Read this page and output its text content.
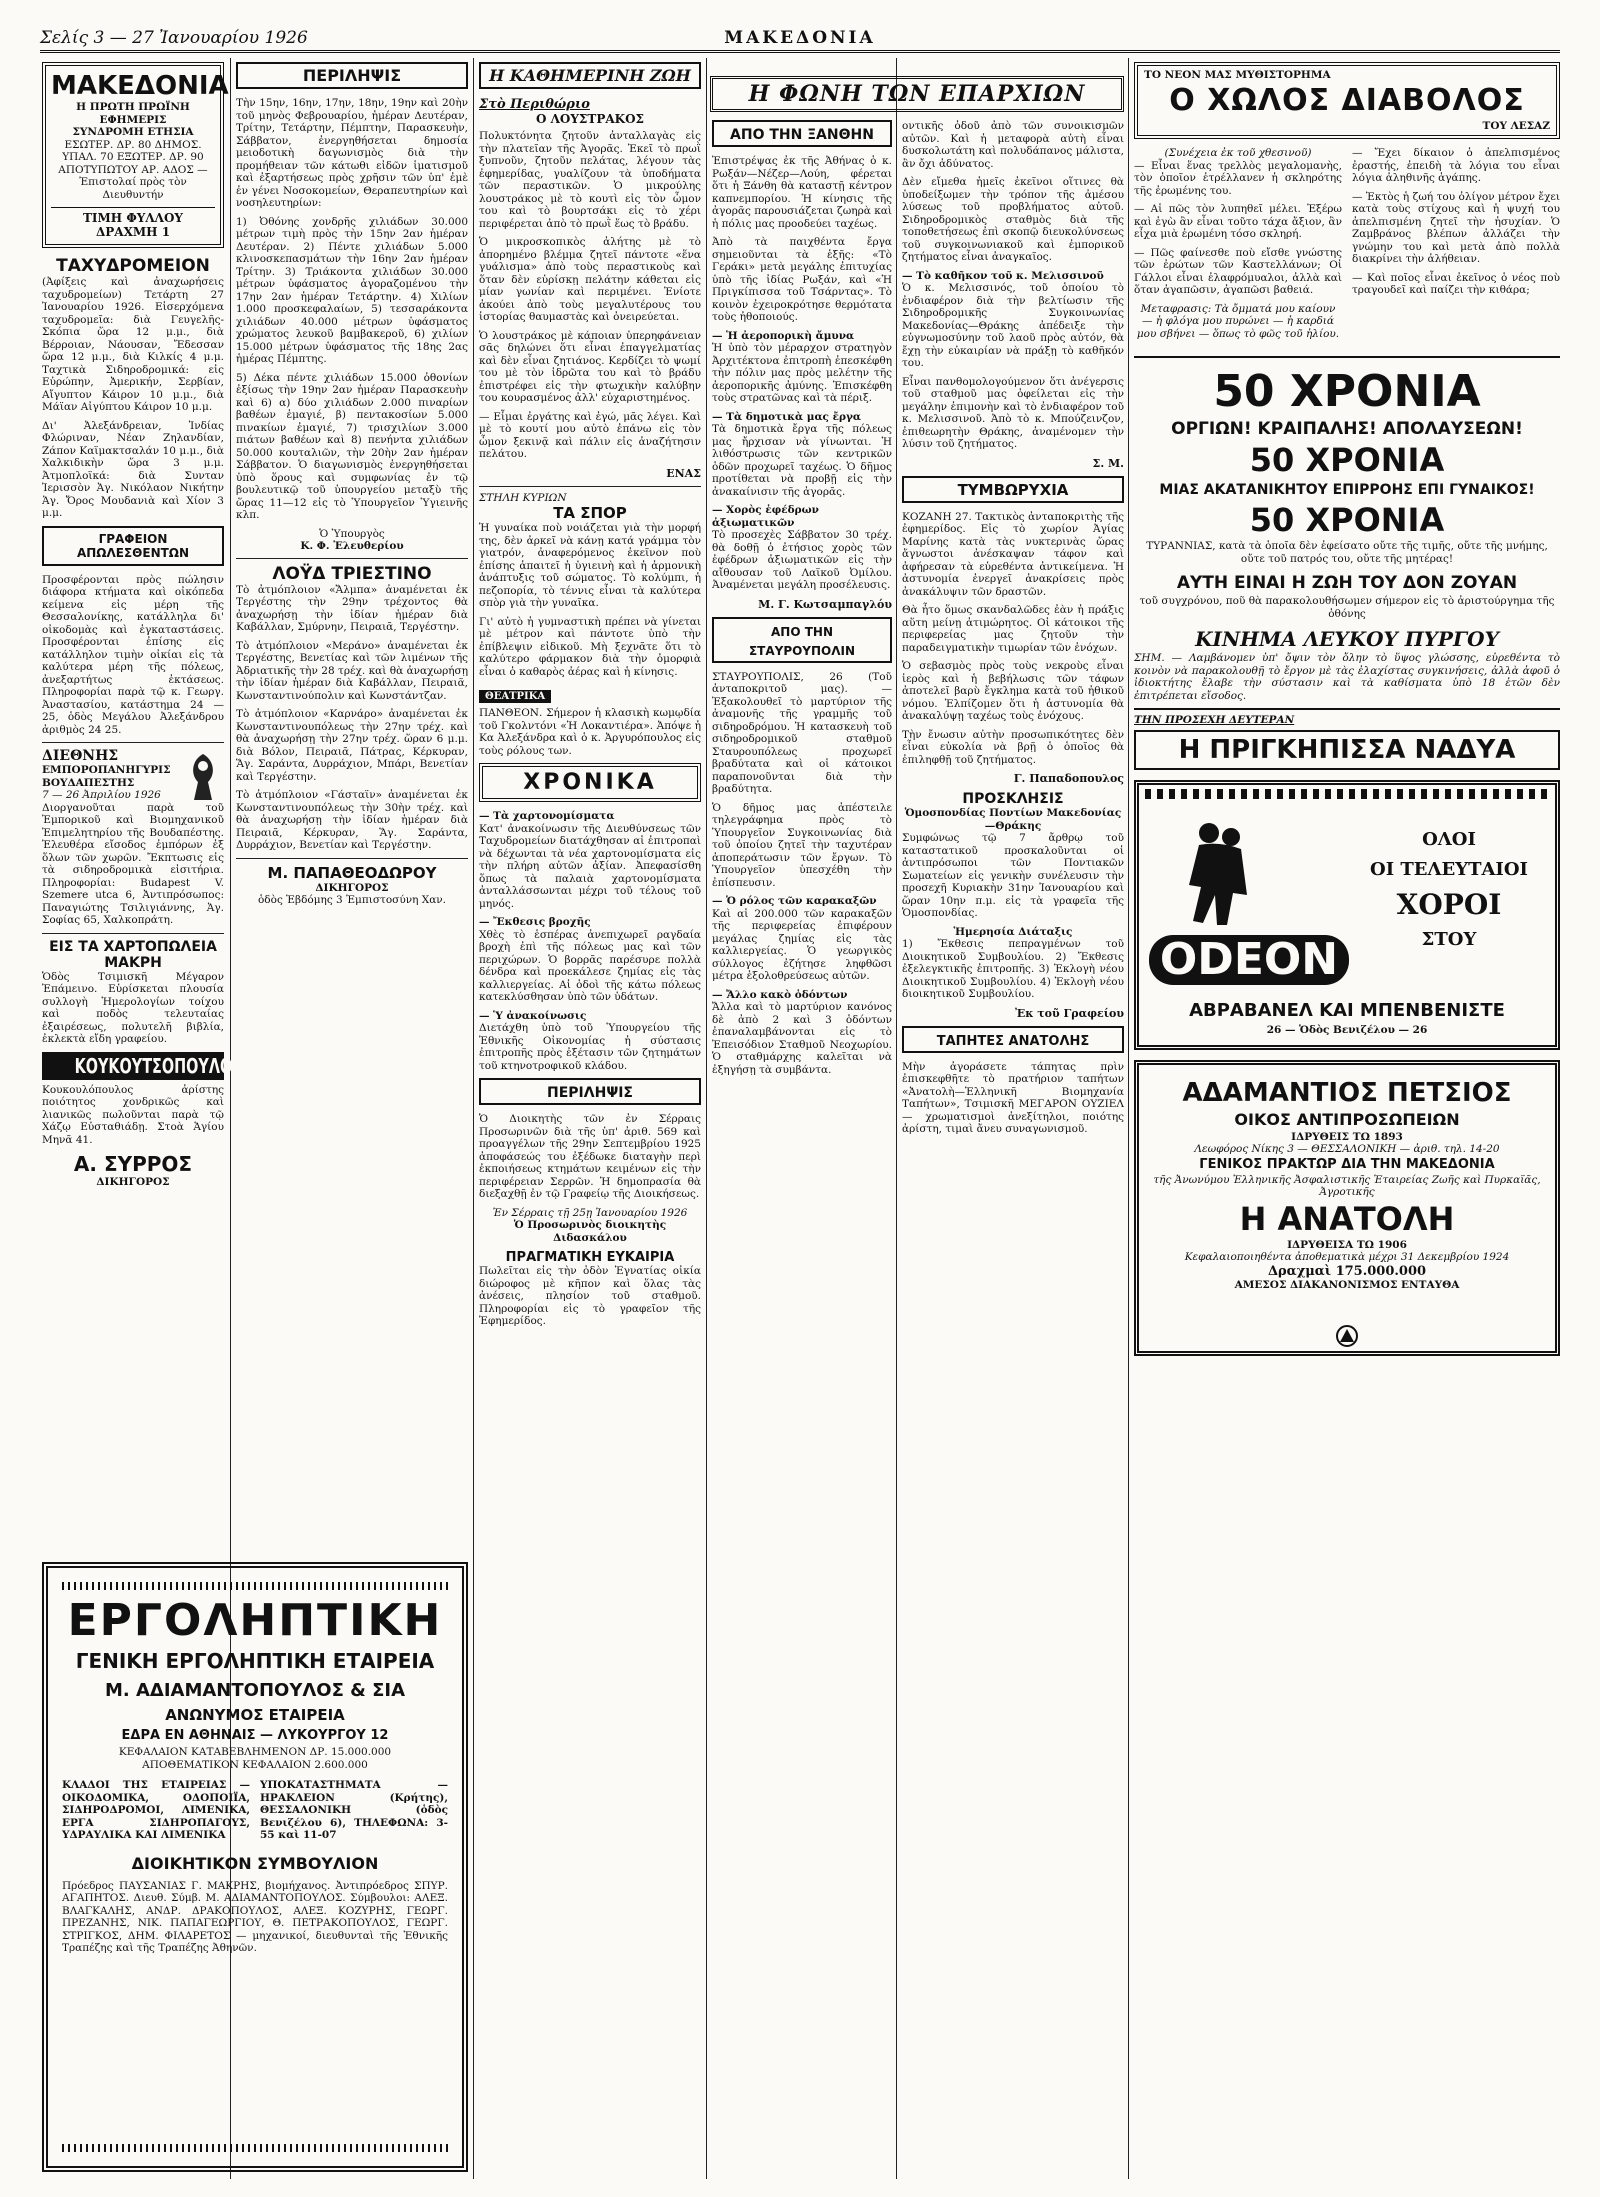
Σελίς 3 — 27 Ἰανουαρίου 1926	ΜΑΚΕΔΟΝΙΑ
ΜΑΚΕΔΟΝΙΑ
Η ΠΡΩΤΗ ΠΡΩΪΝΗ ΕΦΗΜΕΡΙΣ
ΣΥΝΔΡΟΜΗ ΕΤΗΣΙΑ
ΕΣΩΤΕΡ. ΔΡ. 80 ΔΗΜΟΣ. ΥΠΑΛ. 70 ΕΞΩΤΕΡ. ΔΡ. 90 ΑΠΟΤΥΠΩΤΟΥ ΑΡ. ΑΔΟΣ — Ἐπιστολαί πρὸς τὸν Διευθυντήν
ΤΙΜΗ ΦΥΛΛΟΥ ΔΡΑΧΜΗ 1
ΤΑΧΥΔΡΟΜΕΙΟΝ

(Ἀφίξεις καὶ ἀναχωρήσεις ταχυδρομείων) Τετάρτη 27 Ἰανουαρίου 1926. Εἰσερχόμενα ταχυδρομεῖα: διὰ Γευγελῆς-Σκόπια ὥρα 12 μ.μ., διὰ Βέρροιαν, Νάουσαν, Ἔδεσσαν ὥρα 12 μ.μ., διὰ Κιλκίς 4 μ.μ. Ταχτικὰ Σιδηροδρομικά: εἰς Εὐρώπην, Ἀμερικήν, Σερβίαν, Αἴγυπτον Κάιρον 10 μ.μ., διὰ Μάϊαν Αἰγύπτου Κάιρον 10 μ.μ.

Δι' Ἀλεξάνδρειαν, Ἰνδίας Φλώριναν, Νέαν Ζηλανδίαν, Ζάπον Καϊμακτσαλάν 10 μ.μ., διὰ Χαλκιδικὴν ὥρα 3 μ.μ. Ἀτμοπλοϊκά: διὰ Συνταν Ἰερισσὸν Ἁγ. Νικόλαον Νικήτην Ἁγ. Ὄρος Μουδανιὰ καὶ Χίον 3 μ.μ.

ΓΡΑΦΕΙΟΝ ΑΠΩΛΕΣΘΕΝΤΩΝ

Προσφέρονται πρὸς πώλησιν διάφορα κτήματα καὶ οἰκόπεδα κείμενα εἰς μέρη τῆς Θεσσαλονίκης, κατάλληλα δι' οἰκοδομὰς καὶ ἐγκαταστάσεις. Προσφέρονται ἐπίσης εἰς κατάλληλον τιμὴν οἰκίαι εἰς τὰ καλύτερα μέρη τῆς πόλεως, ἀνεξαρτήτως ἐκτάσεως. Πληροφορίαι παρὰ τῷ κ. Γεωργ. Ἀναστασίου, κατάστημα 24 — 25, ὁδὸς Μεγάλου Ἀλεξάνδρου ἀριθμὸς 24 25.

ΔΙΕΘΝΗΣ
ΕΜΠΟΡΟΠΑΝΗΓΥΡΙΣ ΒΟΥΔΑΠΕΣΤΗΣ
7 — 26 Ἀπριλίου 1926

Διοργανοῦται παρὰ τοῦ Ἐμπορικοῦ καὶ Βιομηχανικοῦ Ἐπιμελητηρίου τῆς Βουδαπέστης. Ἐλευθέρα εἴσοδος ἐμπόρων ἐξ ὅλων τῶν χωρῶν. Ἔκπτωσις εἰς τὰ σιδηροδρομικὰ εἰσιτήρια. Πληροφορίαι: Budapest V. Szemere utca 6, Ἀντιπρόσωπος: Παναγιώτης Τσιλιγιάννης, Ἁγ. Σοφίας 65, Χαλκοπράτη.

ΕΙΣ ΤΑ ΧΑΡΤΟΠΩΛΕΙΑ ΜΑΚΡΗ

Ὁδὸς Τσιμισκῆ Μέγαρον Ἐπάμεινο. Εὑρίσκεται πλουσία συλλογὴ Ἡμερολογίων τοίχου καὶ ποδὸς τελευταίας ἐξαιρέσεως, πολυτελῆ βιβλία, ἐκλεκτὰ εἴδη γραφείου.

ΚΟΥΚΟΥΤΣΟΠΟΥΛΟΣ

Κουκουλόπουλος ἀρίστης ποιότητος χονδρικῶς καὶ λιανικῶς πωλοῦνται παρὰ τῷ Χάζῳ Εὐσταθιάδῃ. Στοὰ Ἁγίου Μηνᾶ 41.

Α. ΣΥΡΡΟΣ
ΔΙΚΗΓΟΡΟΣ
ΠΕΡΙΛΗΨΙΣ

Τὴν 15ην, 16ην, 17ην, 18ην, 19ην καὶ 20ὴν τοῦ μηνὸς Φεβρουαρίου, ἡμέραν Δευτέραν, Τρίτην, Τετάρτην, Πέμπτην, Παρασκευὴν, Σάββατον, ἐνεργηθήσεται δημοσία μειοδοτικὴ δαγωνισμὸς διὰ τὴν προμήθειαν τῶν κάτωθι εἰδῶν ἱματισμοῦ καὶ ἐξαρτήσεως πρὸς χρῆσιν τῶν ὑπ' ἐμὲ ἐν γένει Νοσοκομείων, Θεραπευτηρίων καὶ νοσηλευτηρίων:

1) Ὀθόνης χονδρῆς χιλιάδων 30.000 μέτρων τιμὴ πρὸς τὴν 15ην 2αν ἡμέραν Δευτέραν. 2) Πέντε χιλιάδων 5.000 κλινοσκεπασμάτων τὴν 16ην 2αν ἡμέραν Τρίτην. 3) Τριάκοντα χιλιάδων 30.000 μέτρων ὑφάσματος ἀγοραζομένου τὴν 17ην 2αν ἡμέραν Τετάρτην. 4) Χιλίων 1.000 προσκεφαλαίων, 5) τεσσαράκοντα χιλιάδων 40.000 μέτρων ὑφάσματος χρώματος λευκοῦ βαμβακεροῦ, 6) χιλίων 15.000 μέτρων ὑφάσματος τῆς 18ης 2ας ἡμέρας Πέμπτης.

5) Δέκα πέντε χιλιάδων 15.000 ὀθονίων ἐξίσως τὴν 19ην 2αν ἡμέραν Παρασκευὴν καὶ 6) α) δύο χιλιάδων 2.000 πιναρίων βαθέων ἐμαγιέ, β) πεντακοσίων 5.000 πινακίων ἐμαγιέ, 7) τρισχιλίων 3.000 πιάτων βαθέων καὶ 8) πενήντα χιλιάδων 50.000 κουταλιῶν, τὴν 20ὴν 2αν ἡμέραν Σάββατον. Ὁ διαγωνισμὸς ἐνεργηθήσεται ὑπὸ ὅρους καὶ συμφωνίας ἐν τῷ βουλευτικῷ τοῦ ὑπουργείου μεταξὺ τῆς ὥρας 11—12 εἰς τὸ Ὑπουργεῖον Ὑγιεινῆς κλπ.

Ὁ Ὑπουργὸς
Κ. Φ. Ἐλευθερίου
ΛΟΫΔ ΤΡΙΕΣΤΙΝΟ

Τὸ ἀτμόπλοιον «Ἄλμπα» ἀναμένεται ἐκ Τεργέστης τὴν 29ην τρέχοντος θὰ ἀναχωρήσῃ τὴν ἰδίαν ἡμέραν διὰ Καβάλλαν, Σμύρνην, Πειραιᾶ, Τεργέστην.

Τὸ ἀτμόπλοιον «Μεράνο» ἀναμένεται ἐκ Τεργέστης, Βενετίας καὶ τῶν λιμένων τῆς Ἀδριατικῆς τὴν 28 τρέχ. καὶ θὰ ἀναχωρήσῃ τὴν ἰδίαν ἡμέραν διὰ Καβάλλαν, Πειραιᾶ, Κωνσταντινούπολιν καὶ Κωνστάντζαν.

Τὸ ἀτμόπλοιον «Καρνάρο» ἀναμένεται ἐκ Κωνσταντινουπόλεως τὴν 27ην τρέχ. καὶ θὰ ἀναχωρήσῃ τὴν 27ην τρέχ. ὥραν 6 μ.μ. διὰ Βόλον, Πειραιᾶ, Πάτρας, Κέρκυραν, Ἅγ. Σαράντα, Δυρράχιον, Μπάρι, Βενετίαν καὶ Τεργέστην.

Τὸ ἀτμόπλοιον «Γάσταϊν» ἀναμένεται ἐκ Κωνσταντινουπόλεως τὴν 30ὴν τρέχ. καὶ θὰ ἀναχωρήσῃ τὴν ἰδίαν ἡμέραν διὰ Πειραιᾶ, Κέρκυραν, Ἅγ. Σαράντα, Δυρράχιον, Βενετίαν καὶ Τεργέστην.

Μ. ΠΑΠΑΘΕΟΔΩΡΟΥ
ΔΙΚΗΓΟΡΟΣ
ὁδὸς Ἑβδόμης 3 Ἐμπιστοσύνη Χαν.
ΕΡΓΟΛΗΠΤΙΚΗ
ΓΕΝΙΚΗ ΕΡΓΟΛΗΠΤΙΚΗ ΕΤΑΙΡΕΙΑ
Μ. ΑΔΙΑΜΑΝΤΟΠΟΥΛΟΣ & ΣΙΑ
ΑΝΩΝΥΜΟΣ ΕΤΑΙΡΕΙΑ
ΕΔΡΑ ΕΝ ΑΘΗΝΑΙΣ — ΛΥΚΟΥΡΓΟΥ 12
ΚΕΦΑΛΑΙΟΝ ΚΑΤΑΒΕΒΛΗΜΕΝΟΝ ΔΡ. 15.000.000
ΑΠΟΘΕΜΑΤΙΚΟΝ ΚΕΦΑΛΑΙΟΝ 2.600.000

ΚΛΑΔΟΙ ΤΗΣ ΕΤΑΙΡΕΙΑΣ — ΟΙΚΟΔΟΜΙΚΑ, ΟΔΟΠΟΙΪΑ, ΣΙΔΗΡΟΔΡΟΜΟΙ, ΛΙΜΕΝΙΚΑ, ΕΡΓΑ ΣΙΔΗΡΟΠΑΓΟΥΣ, ΥΔΡΑΥΛΙΚΑ ΚΑΙ ΛΙΜΕΝΙΚΑ

ΥΠΟΚΑΤΑΣΤΗΜΑΤΑ — ΗΡΑΚΛΕΙΟΝ (Κρήτης), ΘΕΣΣΑΛΟΝΙΚΗ (ὁδὸς Βενιζέλου 6), ΤΗΛΕΦΩΝΑ: 3-55 καὶ 11-07

ΔΙΟΙΚΗΤΙΚΟΝ ΣΥΜΒΟΥΛΙΟΝ

Πρόεδρος ΠΑΥΣΑΝΙΑΣ Γ. ΜΑΚΡΗΣ, βιομήχανος. Ἀντιπρόεδρος ΣΠΥΡ. ΑΓΑΠΗΤΟΣ. Διευθ. Σύμβ. Μ. ΑΔΙΑΜΑΝΤΟΠΟΥΛΟΣ. Σύμβουλοι: ΑΛΕΞ. ΒΛΑΓΚΑΛΗΣ, ΑΝΔΡ. ΔΡΑΚΟΠΟΥΛΟΣ, ΑΛΕΞ. ΚΟΖΥΡΗΣ, ΓΕΩΡΓ. ΠΡΕΖΑΝΗΣ, ΝΙΚ. ΠΑΠΑΓΕΩΡΓΙΟΥ, Θ. ΠΕΤΡΑΚΟΠΟΥΛΟΣ, ΓΕΩΡΓ. ΣΤΡΙΓΚΟΣ, ΔΗΜ. ΦΙΛΑΡΕΤΟΣ — μηχανικοί, διευθυνταὶ τῆς Ἐθνικῆς Τραπέζης καὶ τῆς Τραπέζης Ἀθηνῶν.

Η ΚΑΘΗΜΕΡΙΝΗ ΖΩΗ
Στὸ Περιθώριο
Ο ΛΟΥΣΤΡΑΚΟΣ

Πολυκτόνητα ζητοῦν ἀνταλλαγὰς εἰς τὴν πλατεῖαν τῆς Ἀγορᾶς. Ἐκεῖ τὸ πρωῒ ξυπνοῦν, ζητοῦν πελάτας, λέγουν τὰς ἐφημερίδας, γυαλίζουν τὰ ὑποδήματα τῶν περαστικῶν. Ὁ μικρούλης λουστράκος μὲ τὸ κουτὶ εἰς τὸν ὦμον του καὶ τὸ βουρτσάκι εἰς τὸ χέρι περιφέρεται ἀπὸ τὸ πρωῒ ἕως τὸ βράδυ.

Ὁ μικροσκοπικὸς ἀλήτης μὲ τὸ ἀπορημένο βλέμμα ζητεῖ πάντοτε «ἕνα γυάλισμα» ἀπὸ τοὺς περαστικοὺς καὶ ὅταν δὲν εὑρίσκῃ πελάτην κάθεται εἰς μίαν γωνίαν καὶ περιμένει. Ἐνίοτε ἀκούει ἀπὸ τοὺς μεγαλυτέρους του ἱστορίας θαυμαστὰς καὶ ὀνειρεύεται.

Ὁ λουστράκος μὲ κάποιαν ὑπερηφάνειαν σᾶς δηλώνει ὅτι εἶναι ἐπαγγελματίας καὶ δὲν εἶναι ζητιάνος. Κερδίζει τὸ ψωμί του μὲ τὸν ἱδρῶτα του καὶ τὸ βράδυ ἐπιστρέφει εἰς τὴν φτωχικὴν καλύβην του κουρασμένος ἀλλ' εὐχαριστημένος.

— Εἶμαι ἐργάτης καὶ ἐγώ, μᾶς λέγει. Καὶ μὲ τὸ κουτί μου αὐτὸ ἐπάνω εἰς τὸν ὦμον ξεκινᾷ καὶ πάλιν εἰς ἀναζήτησιν πελάτου.

ΕΝΑΣ
ΣΤΗΛΗ ΚΥΡΙΩΝ
ΤΑ ΣΠΟΡ

Ἡ γυναίκα ποὺ νοιάζεται γιὰ τὴν μορφή της, δὲν ἀρκεῖ νὰ κάνῃ κατά γράμμα τὸν γιατρόν, ἀναφερόμενος ἐκεῖνον ποὺ ἐπίσης ἀπαιτεῖ ἡ ὑγιεινὴ καὶ ἡ ἀρμονικὴ ἀνάπτυξις τοῦ σώματος. Τὸ κολύμπι, ἡ πεζοπορία, τὸ τέννις εἶναι τὰ καλύτερα σπὸρ γιὰ τὴν γυναῖκα.

Γι' αὐτὸ ἡ γυμναστικὴ πρέπει νὰ γίνεται μὲ μέτρον καὶ πάντοτε ὑπὸ τὴν ἐπίβλεψιν εἰδικοῦ. Μὴ ξεχνᾶτε ὅτι τὸ καλύτερο φάρμακον διὰ τὴν ὀμορφιὰ εἶναι ὁ καθαρὸς ἀέρας καὶ ἡ κίνησις.

ΘΕΑΤΡΙΚΑ

ΠΑΝΘΕΟΝ. Σήμερον ἡ κλασικὴ κωμῳδία τοῦ Γκολντόνι «Ἡ Λοκαντιέρα». Ἀπόψε ἡ Κα Ἀλεξάνδρα καὶ ὁ κ. Ἀργυρόπουλος εἰς τοὺς ρόλους των.

ΧΡΟΝΙΚΑ
— Τὰ χαρτονομίσματα

Κατ' ἀνακοίνωσιν τῆς Διευθύνσεως τῶν Ταχυδρομείων διατάχθησαν αἱ ἐπιτροπαὶ νὰ δέχωνται τὰ νέα χαρτονομίσματα εἰς τὴν πλήρη αὐτῶν ἀξίαν. Ἀπεφασίσθη ὅπως τὰ παλαιὰ χαρτονομίσματα ἀνταλλάσσωνται μέχρι τοῦ τέλους τοῦ μηνός.

— Ἔκθεσις βροχῆς

Χθὲς τὸ ἑσπέρας ἀνεπιχωρεῖ ραγδαία βροχὴ ἐπὶ τῆς πόλεως μας καὶ τῶν περιχώρων. Ὁ βορρᾶς παρέσυρε πολλὰ δένδρα καὶ προεκάλεσε ζημίας εἰς τὰς καλλιεργείας. Αἱ ὁδοὶ τῆς κάτω πόλεως κατεκλύσθησαν ὑπὸ τῶν ὑδάτων.

— Ὑ ἀνακοίνωσις

Διετάχθη ὑπὸ τοῦ Ὑπουργείου τῆς Ἐθνικῆς Οἰκονομίας ἡ σύστασις ἐπιτροπῆς πρὸς ἐξέτασιν τῶν ζητημάτων τοῦ κτηνοτροφικοῦ κλάδου.

ΠΕΡΙΛΗΨΙΣ

Ὁ Διοικητὴς τῶν ἐν Σέρραις Προσωρινῶν διὰ τῆς ὑπ' ἀριθ. 569 καὶ προαγγέλων τῆς 29ην Σεπτεμβρίου 1925 ἀποφάσεώς του ἐξέδωκε διαταγὴν περὶ ἐκποιήσεως κτημάτων κειμένων εἰς τὴν περιφέρειαν Σερρῶν. Ἡ δημοπρασία θὰ διεξαχθῇ ἐν τῷ Γραφείῳ τῆς Διοικήσεως.

Ἐν Σέρραις τῇ 25ῃ Ἰανουαρίου 1926
Ὁ Προσωρινὸς διοικητὴς Διδασκάλου
ΠΡΑΓΜΑΤΙΚΗ ΕΥΚΑΙΡΙΑ

Πωλεῖται εἰς τὴν ὁδὸν Ἐγνατίας οἰκία διώροφος μὲ κῆπον καὶ ὅλας τὰς ἀνέσεις, πλησίον τοῦ σταθμοῦ. Πληροφορίαι εἰς τὸ γραφεῖον τῆς Ἐφημερίδος.

ΑΠΟ ΤΗΝ ΞΑΝΘΗΝ

Ἐπιστρέψας ἐκ τῆς Ἀθήνας ὁ κ. Ρωξάν—Νέζερ—Λούη, φέρεται ὅτι ἡ Ξάνθη θὰ καταστῇ κέντρον καπνεμπορίου. Ἡ κίνησις τῆς ἀγορᾶς παρουσιάζεται ζωηρὰ καὶ ἡ πόλις μας προοδεύει ταχέως.

Ἀπὸ τὰ παιχθέντα ἔργα σημειοῦνται τὰ ἑξῆς: «Τὸ Γεράκι» μετὰ μεγάλης ἐπιτυχίας ὑπὸ τῆς ἰδίας Ρωξάν, καὶ «Ἡ Πριγκίπισσα τοῦ Τσάρντας». Τὸ κοινὸν ἐχειροκρότησε θερμότατα τοὺς ἠθοποιούς.

— Ἡ ἀεροπορικὴ ἄμυνα

Ἡ ὑπὸ τὸν μέραρχον στρατηγὸν Ἀρχιτέκτονα ἐπιτροπὴ ἐπεσκέφθη τὴν πόλιν μας πρὸς μελέτην τῆς ἀεροπορικῆς ἀμύνης. Ἐπισκέφθη τοὺς στρατῶνας καὶ τὰ πέριξ.

— Τὰ δημοτικὰ μας ἔργα

Τὰ δημοτικὰ ἔργα τῆς πόλεως μας ἤρχισαν νὰ γίνωνται. Ἡ λιθόστρωσις τῶν κεντρικῶν ὁδῶν προχωρεῖ ταχέως. Ὁ δῆμος προτίθεται νὰ προβῇ εἰς τὴν ἀνακαίνισιν τῆς ἀγορᾶς.

— Χορὸς ἐφέδρων ἀξιωματικῶν

Τὸ προσεχὲς Σάββατον 30 τρέχ. θὰ δοθῇ ὁ ἐτήσιος χορὸς τῶν ἐφέδρων ἀξιωματικῶν εἰς τὴν αἴθουσαν τοῦ Λαϊκοῦ Ὀμίλου. Ἀναμένεται μεγάλη προσέλευσις.

Μ. Γ. Κωτσαμπαγλόυ
ΑΠΟ ΤΗΝ ΣΤΑΥΡΟΥΠΟΛΙΝ

ΣΤΑΥΡΟΥΠΟΛΙΣ, 26 (Τοῦ ἀνταποκριτοῦ μας). — Ἐξακολουθεῖ τὸ μαρτύριον τῆς ἀναμονῆς τῆς γραμμῆς τοῦ σιδηροδρόμου. Ἡ κατασκευὴ τοῦ σιδηροδρομικοῦ σταθμοῦ Σταυρουπόλεως προχωρεῖ βραδύτατα καὶ οἱ κάτοικοι παραπονοῦνται διὰ τὴν βραδύτητα.

Ὁ δῆμος μας ἀπέστειλε τηλεγράφημα πρὸς τὸ Ὑπουργεῖον Συγκοινωνίας διὰ τοῦ ὁποίου ζητεῖ τὴν ταχυτέραν ἀποπεράτωσιν τῶν ἔργων. Τὸ Ὑπουργεῖον ὑπεσχέθη τὴν ἐπίσπευσιν.

— Ὁ ρόλος τῶν καρακαξῶν

Καὶ αἱ 200.000 τῶν καρακαξῶν τῆς περιφερείας ἐπιφέρουν μεγάλας ζημίας εἰς τὰς καλλιεργείας. Ὁ γεωργικὸς σύλλογος ἐζήτησε ληφθῶσι μέτρα ἐξολοθρεύσεως αὐτῶν.

— Ἄλλο κακὸ ὁδόντων

Ἄλλα καὶ τὸ μαρτύριον κανόνος δὲ ἀπὸ 2 καὶ 3 ὁδόντων ἐπαναλαμβάνονται εἰς τὸ Ἐπεισόδιον Σταθμοῦ Νεοχωρίου. Ὁ σταθμάρχης καλεῖται νὰ ἐξηγήσῃ τὰ συμβάντα.

Η ΦΩΝΗ ΤΩΝ ΕΠΑΡΧΙΩΝ

οντικῆς ὁδοῦ ἀπὸ τῶν συνοικισμῶν αὐτῶν. Καὶ ἡ μεταφορὰ αὐτὴ εἶναι δυσκολωτάτη καὶ πολυδάπανος μάλιστα, ἂν ὄχι ἀδύνατος.

Δὲν εἴμεθα ἡμεῖς ἐκεῖνοι οἵτινες θὰ ὑποδείξωμεν τὴν τρόπον τῆς ἀμέσου λύσεως τοῦ προβλήματος αὐτοῦ. Σιδηροδρομικὸς σταθμὸς διὰ τῆς τοποθετήσεως ἐπὶ σκοπῷ διευκολύνσεως τοῦ συγκοινωνιακοῦ καὶ ἐμπορικοῦ ζητήματος εἶναι ἀναγκαῖος.

— Τὸ καθῆκον τοῦ κ. Μελισσινοῦ

Ὁ κ. Μελισσινός, τοῦ ὁποίου τὸ ἐνδιαφέρον διὰ τὴν βελτίωσιν τῆς Σιδηροδρομικῆς Συγκοινωνίας Μακεδονίας—Θράκης ἀπέδειξε τὴν εὐγνωμοσύνην τοῦ λαοῦ πρὸς αὐτόν, θὰ ἔχῃ τὴν εὐκαιρίαν νὰ πράξῃ τὸ καθῆκόν του.

Εἶναι πανθομολογούμενον ὅτι ἀνέγερσις τοῦ σταθμοῦ μας ὀφείλεται εἰς τὴν μεγάλην ἐπιμονὴν καὶ τὸ ἐνδιαφέρον τοῦ κ. Μελισσινοῦ. Ἀπὸ τὸ κ. Μπούζεινζον, ἐπιθεωρητὴν Θράκης, ἀναμένομεν τὴν λύσιν τοῦ ζητήματος.

Σ. Μ.
ΤΥΜΒΩΡΥΧΙΑ

ΚΟΖΑΝΗ 27. Τακτικὸς ἀνταποκριτὴς τῆς ἐφημερίδος. Εἰς τὸ χωρίον Ἀγίας Μαρίνης κατὰ τὰς νυκτερινὰς ὥρας ἄγνωστοι ἀνέσκαψαν τάφον καὶ ἀφήρεσαν τὰ εὑρεθέντα ἀντικείμενα. Ἡ ἀστυνομία ἐνεργεῖ ἀνακρίσεις πρὸς ἀνακάλυψιν τῶν δραστῶν.

Θὰ ἦτο ὅμως σκανδαλῶδες ἐὰν ἡ πράξις αὕτη μείνῃ ἀτιμώρητος. Οἱ κάτοικοι τῆς περιφερείας μας ζητοῦν τὴν παραδειγματικὴν τιμωρίαν τῶν ἐνόχων.

Ὁ σεβασμὸς πρὸς τοὺς νεκροὺς εἶναι ἱερὸς καὶ ἡ βεβήλωσις τῶν τάφων ἀποτελεῖ βαρὺ ἔγκλημα κατὰ τοῦ ἠθικοῦ νόμου. Ἐλπίζομεν ὅτι ἡ ἀστυνομία θὰ ἀνακαλύψῃ ταχέως τοὺς ἐνόχους.

Τὴν ἔνωσιν αὐτὴν προσωπικότητες δὲν εἶναι εὐκολία νὰ βρῇ ὁ ὁποῖος θὰ ἐπιληφθῇ τοῦ ζητήματος.

Γ. Παπαδοπουλος
ΠΡΟΣΚΛΗΣΙΣ
Ὁμοσπονδίας Ποντίων Μακεδονίας—Θράκης

Συμφώνως τῷ 7 ἄρθρῳ τοῦ καταστατικοῦ προσκαλοῦνται οἱ ἀντιπρόσωποι τῶν Ποντιακῶν Σωματείων εἰς γενικὴν συνέλευσιν τὴν προσεχῆ Κυριακὴν 31ην Ἰανουαρίου καὶ ὥραν 10ην π.μ. εἰς τὰ γραφεῖα τῆς Ὁμοσπονδίας.

Ἡμερησία Διάταξις

1) Ἔκθεσις πεπραγμένων τοῦ Διοικητικοῦ Συμβουλίου. 2) Ἔκθεσις ἐξελεγκτικῆς ἐπιτροπῆς. 3) Ἐκλογὴ νέου Διοικητικοῦ Συμβουλίου. 4) Ἐκλογὴ νέου διοικητικοῦ Συμβουλίου.

Ἐκ τοῦ Γραφείου
ΤΑΠΗΤΕΣ ΑΝΑΤΟΛΗΣ

Μὴν ἀγοράσετε τάπητας πρὶν ἐπισκεφθῆτε τὸ πρατήριον ταπήτων «Ἀνατολὴ—Ἑλληνικῆ Βιομηχανία Ταπήτων», Τσιμισκῆ ΜΕΓΑΡΟΝ ΟΥΖΙΕΛ — χρωματισμοὶ ἀνεξίτηλοι, ποιότης ἀρίστη, τιμαὶ ἄνευ συναγωνισμοῦ.

ΤΟ ΝΕΟΝ ΜΑΣ ΜΥΘΙΣΤΟΡΗΜΑ
Ο ΧΩΛΟΣ ΔΙΑΒΟΛΟΣ
ΤΟΥ ΛΕΣΑΖ
(Συνέχεια ἐκ τοῦ χθεσινοῦ)

— Εἶναι ἕνας τρελλὸς μεγαλομανὴς, τὸν ὁποῖον ἐτρέλλανεν ἡ σκληρότης τῆς ἐρωμένης του.

— Αἱ πῶς τὸν λυπηθεῖ μέλει. Ἐξέρω καὶ ἐγὼ ἂν εἶναι τοῦτο τάχα ἄξιον, ἂν εἶχα μιὰ ἐρωμένη τόσο σκληρή.

— Πῶς φαίνεσθε ποὺ εἴσθε γνώστης τῶν ἐρώτων τῶν Καστελλάνων; Οἱ Γάλλοι εἶναι ἐλαφρόμυαλοι, ἀλλὰ καὶ ὅταν ἀγαπῶσιν, ἀγαπῶσι βαθειά.

Μεταφρασις: Τὰ ὄμματά μου καίουν — ἡ φλόγα μου πυρώνει — ἡ καρδιά μου σβήνει — ὅπως τὸ φῶς τοῦ ἡλίου.

— Ἔχει δίκαιον ὁ ἀπελπισμένος ἐραστής, ἐπειδὴ τὰ λόγια του εἶναι λόγια ἀληθινῆς ἀγάπης.

— Ἐκτὸς ἡ ζωή του ὀλίγον μέτρον ἔχει κατὰ τοὺς στίχους καὶ ἡ ψυχή του ἀπελπισμένη ζητεῖ τὴν ἡσυχίαν. Ὁ Ζαμβράνος βλέπων ἀλλάζει τὴν γνώμην του καὶ μετὰ ἀπὸ πολλὰ διακρίνει τὴν ἀλήθειαν.

— Καὶ ποῖος εἶναι ἐκεῖνος ὁ νέος ποὺ τραγουδεῖ καὶ παίζει τὴν κιθάρα;

50 ΧΡΟΝΙΑ
ΟΡΓΙΩΝ! ΚΡΑΙΠΑΛΗΣ! ΑΠΟΛΑΥΣΕΩΝ!
50 ΧΡΟΝΙΑ
ΜΙΑΣ ΑΚΑΤΑΝΙΚΗΤΟΥ ΕΠΙΡΡΟΗΣ ΕΠΙ ΓΥΝΑΙΚΟΣ!
50 ΧΡΟΝΙΑ

ΤΥΡΑΝΝΙΑΣ, κατὰ τὰ ὁποῖα δὲν ἐφείσατο οὔτε τῆς τιμῆς, οὔτε τῆς μνήμης, οὔτε τοῦ πατρός του, οὔτε τῆς μητέρας!

ΑΥΤΗ ΕΙΝΑΙ Η ΖΩΗ ΤΟΥ ΔΟΝ ΖΟΥΑΝ

τοῦ συγχρόνου, ποῦ θὰ παρακολουθήσωμεν σήμερον εἰς τὸ ἀριστούργημα τῆς ὀθόνης

ΚΙΝΗΜΑ ΛΕΥΚΟΥ ΠΥΡΓΟΥ

ΣΗΜ. — Λαμβάνομεν ὑπ' ὄψιν τὸν ὄλην τὸ ὕψος γλώσσης, εὑρεθέντα τὸ κοινὸν νὰ παρακολουθῇ τὸ ἔργον μὲ τὰς ἐλαχίστας συγκινήσεις, ἀλλὰ ἀφοῦ ὁ ἰδιοκτήτης ἔλαβε τὴν σύστασιν καὶ τὰ καθίσματα ὑπὸ 18 ἐτῶν δὲν ἐπιτρέπεται εἴσοδος.

ΤΗΝ ΠΡΟΣΕΧΗ ΔΕΥΤΕΡΑΝ
Η ΠΡΙΓΚΗΠΙΣΣΑ ΝΑΔΥΑ
ODEON
ΟΛΟΙ
ΟΙ ΤΕΛΕΥΤΑΙΟΙ
ΧΟΡΟΙ
ΣΤΟΥ
ΑΒΡΑΒΑΝΕΛ ΚΑΙ ΜΠΕΝΒΕΝΙΣΤΕ
26 — Ὁδὸς Βενιζέλου — 26
ΑΔΑΜΑΝΤΙΟΣ ΠΕΤΣΙΟΣ
ΟΙΚΟΣ ΑΝΤΙΠΡΟΣΩΠΕΙΩΝ
ΙΔΡΥΘΕΙΣ ΤΩ 1893
Λεωφόρος Νίκης 3 — ΘΕΣΣΑΛΟΝΙΚΗ — ἀριθ. τηλ. 14-20
ΓΕΝΙΚΟΣ ΠΡΑΚΤΩΡ ΔΙΑ ΤΗΝ ΜΑΚΕΔΟΝΙΑ
τῆς Ἀνωνύμου Ἑλληνικῆς Ἀσφαλιστικῆς Ἑταιρείας Ζωῆς καὶ Πυρκαϊᾶς, Ἀγροτικῆς
Η ΑΝΑΤΟΛΗ
ΙΔΡΥΘΕΙΣΑ ΤΩ 1906
Κεφαλαιοποιηθέντα ἀποθεματικὰ μέχρι 31 Δεκεμβρίου 1924
Δραχμαὶ 175.000.000
ΑΜΕΣΟΣ ΔΙΑΚΑΝΟΝΙΣΜΟΣ ΕΝΤΑΥΘΑ
